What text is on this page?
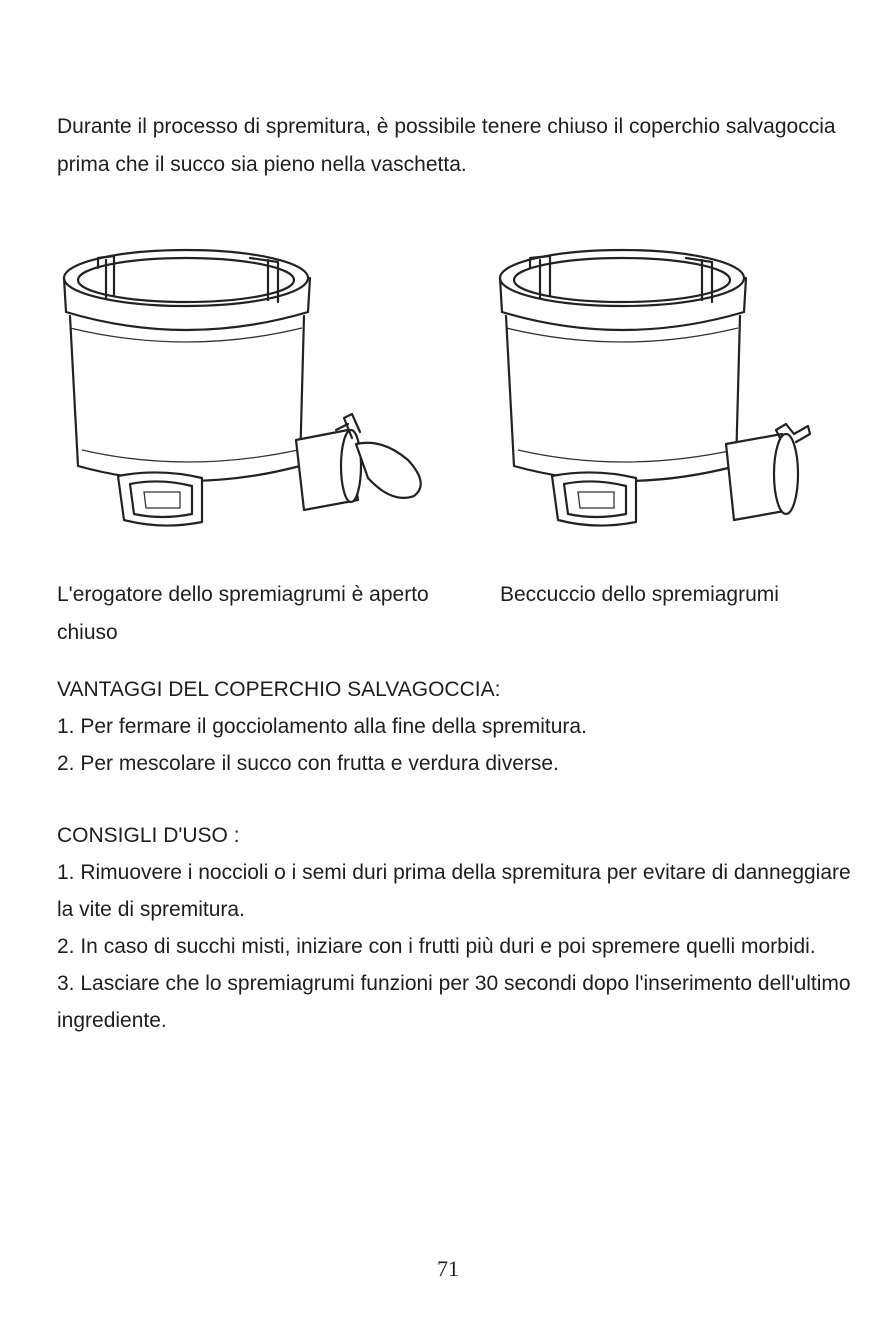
Durante il processo di spremitura, è possibile tenere chiuso il coperchio salvagoccia prima che il succo sia pieno nella vaschetta.

L'erogatore dello spremiagrumi è aperto chiuso

Beccuccio dello spremiagrumi

VANTAGGI DEL COPERCHIO SALVAGOCCIA:

1. Per fermare il gocciolamento alla fine della spremitura.

2. Per mescolare il succo con frutta e verdura diverse.

CONSIGLI D'USO :

1. Rimuovere i noccioli o i semi duri prima della spremitura per evitare di danneggiare la vite di spremitura.

2. In caso di succhi misti, iniziare con i frutti più duri e poi spremere quelli morbidi.

3. Lasciare che lo spremiagrumi funzioni per 30 secondi dopo l'inserimento dell'ultimo ingrediente.

71
